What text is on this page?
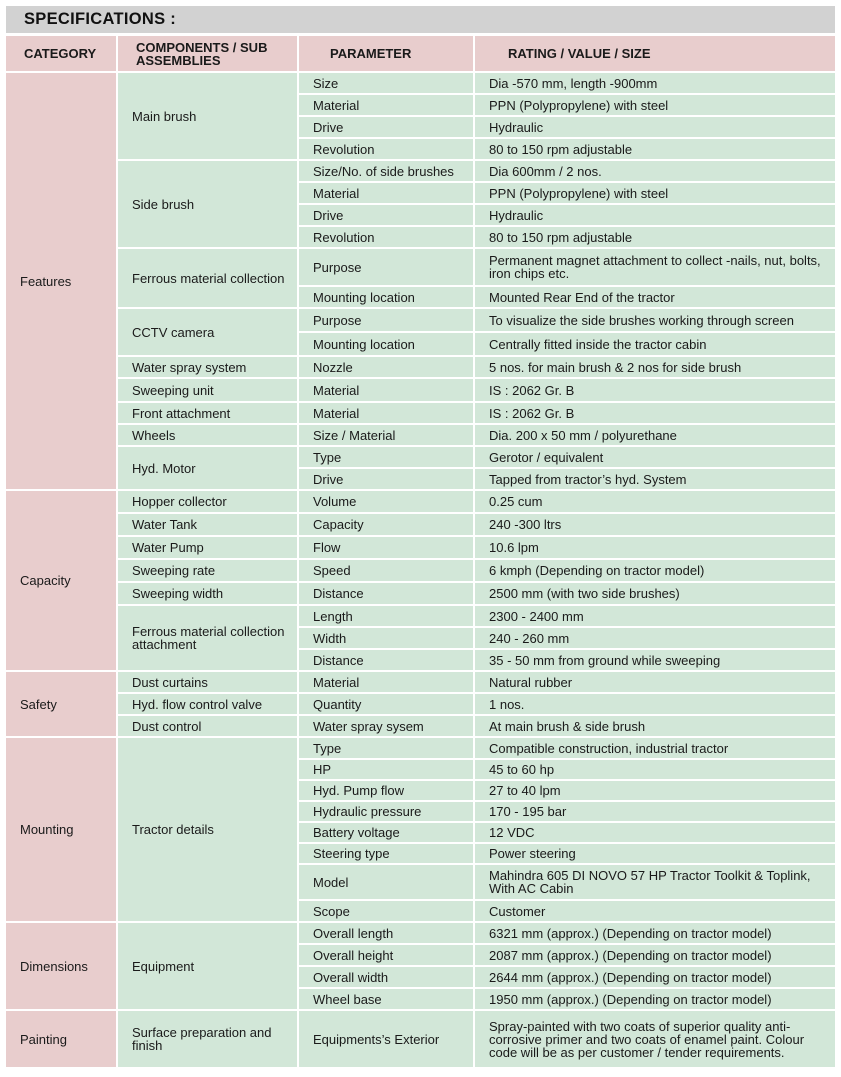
SPECIFICATIONS :
CATEGORY	COMPONENTS / SUB ASSEMBLIES	PARAMETER	RATING / VALUE / SIZE
Features	Main brush	Size	Dia -570 mm, length -900mm
		Material	PPN (Polypropylene) with steel
		Drive	Hydraulic
		Revolution	80 to 150 rpm adjustable
	Side brush	Size/No. of side brushes	Dia 600mm / 2 nos.
		Material	PPN (Polypropylene) with steel
		Drive	Hydraulic
		Revolution	80 to 150 rpm adjustable
	Ferrous material collection	Purpose	Permanent magnet attachment to collect -nails, nut, bolts, iron chips etc.
		Mounting location	Mounted Rear End of the tractor
	CCTV camera	Purpose	To visualize the side brushes working through screen
		Mounting location	Centrally fitted inside the tractor cabin
	Water spray system	Nozzle	5 nos. for main brush & 2 nos for side brush
	Sweeping unit	Material	IS : 2062 Gr. B
	Front attachment	Material	IS : 2062 Gr. B
	Wheels	Size / Material	Dia. 200 x 50 mm / polyurethane
	Hyd. Motor	Type	Gerotor / equivalent
		Drive	Tapped from tractor’s hyd. System
Capacity	Hopper collector	Volume	0.25 cum
	Water Tank	Capacity	240 -300 ltrs
	Water Pump	Flow	10.6 lpm
	Sweeping rate	Speed	6 kmph (Depending on tractor model)
	Sweeping width	Distance	2500 mm (with two side brushes)
	Ferrous material collection attachment	Length	2300 - 2400 mm
		Width	240 - 260 mm
		Distance	35 - 50 mm from ground while sweeping
Safety	Dust curtains	Material	Natural rubber
	Hyd. flow control valve	Quantity	1 nos.
	Dust control	Water spray sysem	At main brush & side brush
Mounting	Tractor details	Type	Compatible construction, industrial tractor
		HP	45 to 60 hp
		Hyd. Pump flow	27 to 40 lpm
		Hydraulic pressure	170 - 195 bar
		Battery voltage	12 VDC
		Steering type	Power steering
		Model	Mahindra 605 DI NOVO 57 HP Tractor Toolkit & Toplink, With AC Cabin
		Scope	Customer
Dimensions	Equipment	Overall length	6321 mm (approx.) (Depending on tractor model)
		Overall height	2087 mm (approx.) (Depending on tractor model)
		Overall width	2644 mm (approx.) (Depending on tractor model)
		Wheel base	1950 mm (approx.) (Depending on tractor model)
Painting	Surface preparation and finish	Equipments’s Exterior	Spray-painted with two coats of superior quality anti-corrosive primer and two coats of enamel paint. Colour code will be as per customer / tender requirements.
